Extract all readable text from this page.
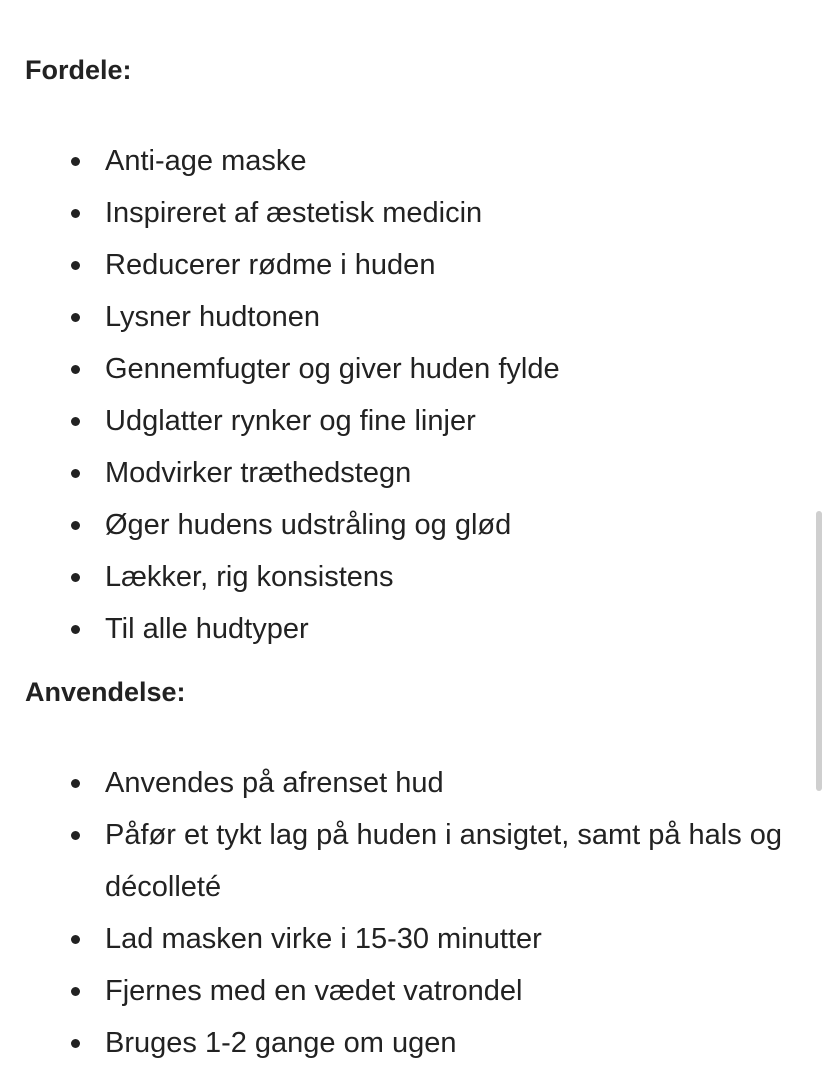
Fordele:
Anti-age maske
Inspireret af æstetisk medicin
Reducerer rødme i huden
Lysner hudtonen
Gennemfugter og giver huden fylde
Udglatter rynker og fine linjer
Modvirker træthedstegn
Øger hudens udstråling og glød
Lækker, rig konsistens
Til alle hudtyper
Anvendelse:
Anvendes på afrenset hud
Påfør et tykt lag på huden i ansigtet, samt på hals og décolleté
Lad masken virke i 15-30 minutter
Fjernes med en vædet vatrondel
Bruges 1-2 gange om ugen
